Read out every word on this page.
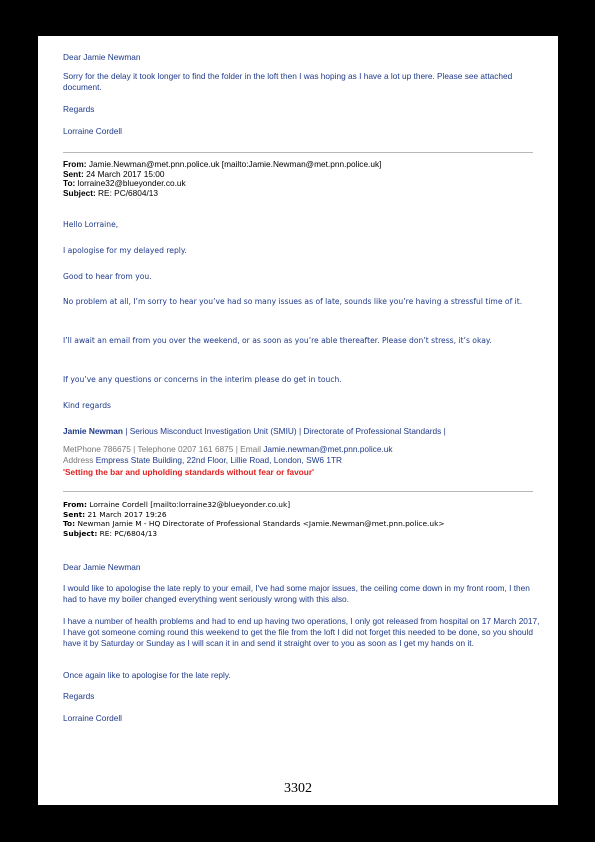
Dear Jamie Newman

Sorry for the delay it took longer to find the folder in the loft then I was hoping as I have a lot up there. Please see attached document.

Regards

Lorraine Cordell

From: Jamie.Newman@met.pnn.police.uk [mailto:Jamie.Newman@met.pnn.police.uk]
Sent: 24 March 2017 15:00
To: lorraine32@blueyonder.co.uk
Subject: RE: PC/6804/13

Hello Lorraine,

I apologise for my delayed reply.

Good to hear from you.

No problem at all, I’m sorry to hear you’ve had so many issues as of late, sounds like you’re having a stressful time of it.

I’ll await an email from you over the weekend, or as soon as you’re able thereafter. Please don’t stress, it’s okay.

If you’ve any questions or concerns in the interim please do get in touch.

Kind regards

Jamie Newman | Serious Misconduct Investigation Unit (SMIU) | Directorate of Professional Standards |

MetPhone 786675 | Telephone 0207 161 6875 | Email Jamie.newman@met.pnn.police.uk

Address Empress State Building, 22nd Floor, Lillie Road, London, SW6 1TR

'Setting the bar and upholding standards without fear or favour'

From: Lorraine Cordell [mailto:lorraine32@blueyonder.co.uk]
Sent: 21 March 2017 19:26
To: Newman Jamie M - HQ Directorate of Professional Standards <Jamie.Newman@met.pnn.police.uk>
Subject: RE: PC/6804/13

Dear Jamie Newman

I would like to apologise the late reply to your email, I've had some major issues, the ceiling come down in my front room, I then had to have my boiler changed everything went seriously wrong with this also.

I have a number of health problems and had to end up having two operations, I only got released from hospital on 17 March 2017, I have got someone coming round this weekend to get the file from the loft I did not forget this needed to be done, so you should have it by Saturday or Sunday as I will scan it in and send it straight over to you as soon as I get my hands on it.

Once again like to apologise for the late reply.

Regards

Lorraine Cordell

3302
